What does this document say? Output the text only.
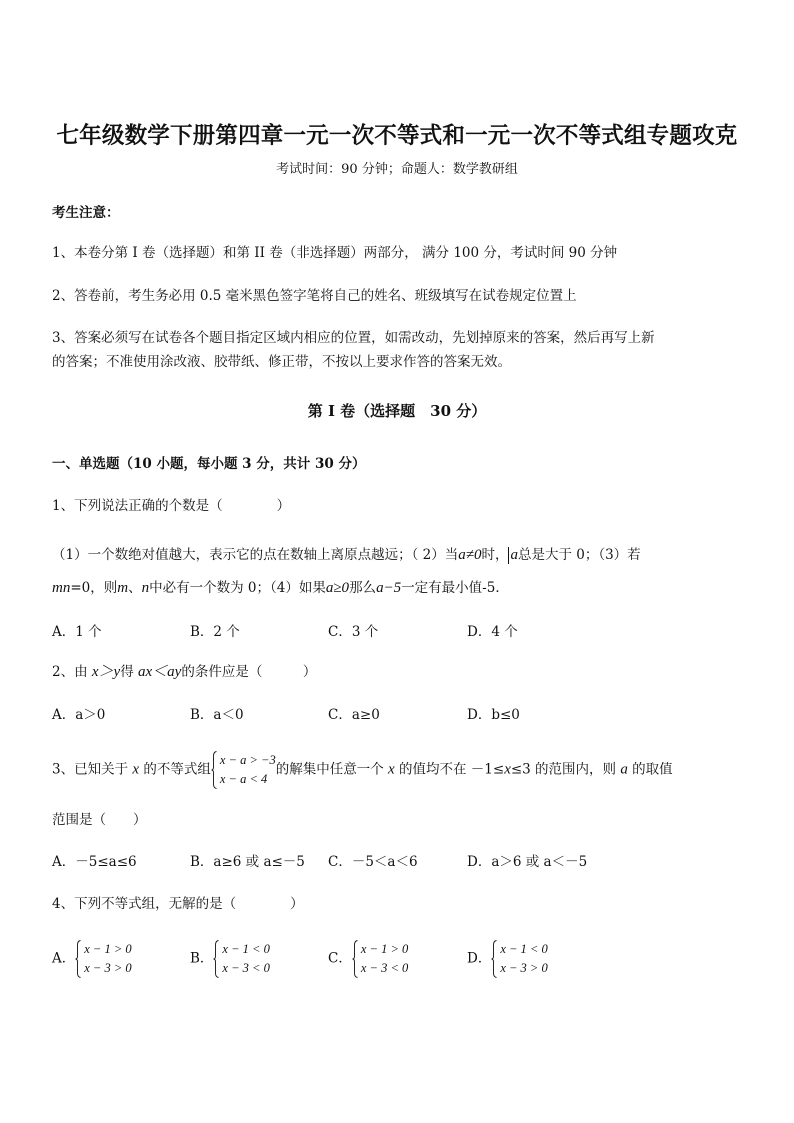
七年级数学下册第四章一元一次不等式和一元一次不等式组专题攻克
考试时间：90 分钟；命题人：数学教研组
考生注意：
1、本卷分第 I 卷（选择题）和第 II 卷（非选择题）两部分， 满分 100 分，考试时间 90 分钟
2、答卷前，考生务必用 0.5 毫米黑色签字笔将自己的姓名、班级填写在试卷规定位置上
3、答案必须写在试卷各个题目指定区域内相应的位置，如需改动，先划掉原来的答案，然后再写上新
的答案；不准使用涂改液、胶带纸、修正带，不按以上要求作答的答案无效。
第 I 卷（选择题　30 分）
一、单选题（10 小题，每小题 3 分，共计 30 分）
1、下列说法正确的个数是（　　　　）
（1）一个数绝对值越大，表示它的点在数轴上离原点越远；（ 2）当a≠0时， a总是大于 0；（3）若
mn=0，则m、n中必有一个数为 0；（4）如果a≥0那么a−5一定有最小值-5．
A．1 个	B．2 个	C．3 个	D．4 个
2、由 x＞y得 ax＜ay的条件应是（　　　）
A．a＞0	B．a＜0	C．a≥0	D．b≤0
3、已知关于 x 的不等式组
x − a > −3
x − a < 4
的解集中任意一个 x 的值均不在 －1≤x≤3 的范围内，则 a 的取值
范围是（　　）
A．－5≤a≤6	B．a≥6 或 a≤－5 C．－5＜a＜6	D．a＞6 或 a＜－5
4、下列不等式组，无解的是（　　　　）
A．
x − 1 > 0
x − 3 > 0
B．
x − 1 < 0
x − 3 < 0
C．
x − 1 > 0
x − 3 < 0
D．
x − 1 < 0
x − 3 > 0
